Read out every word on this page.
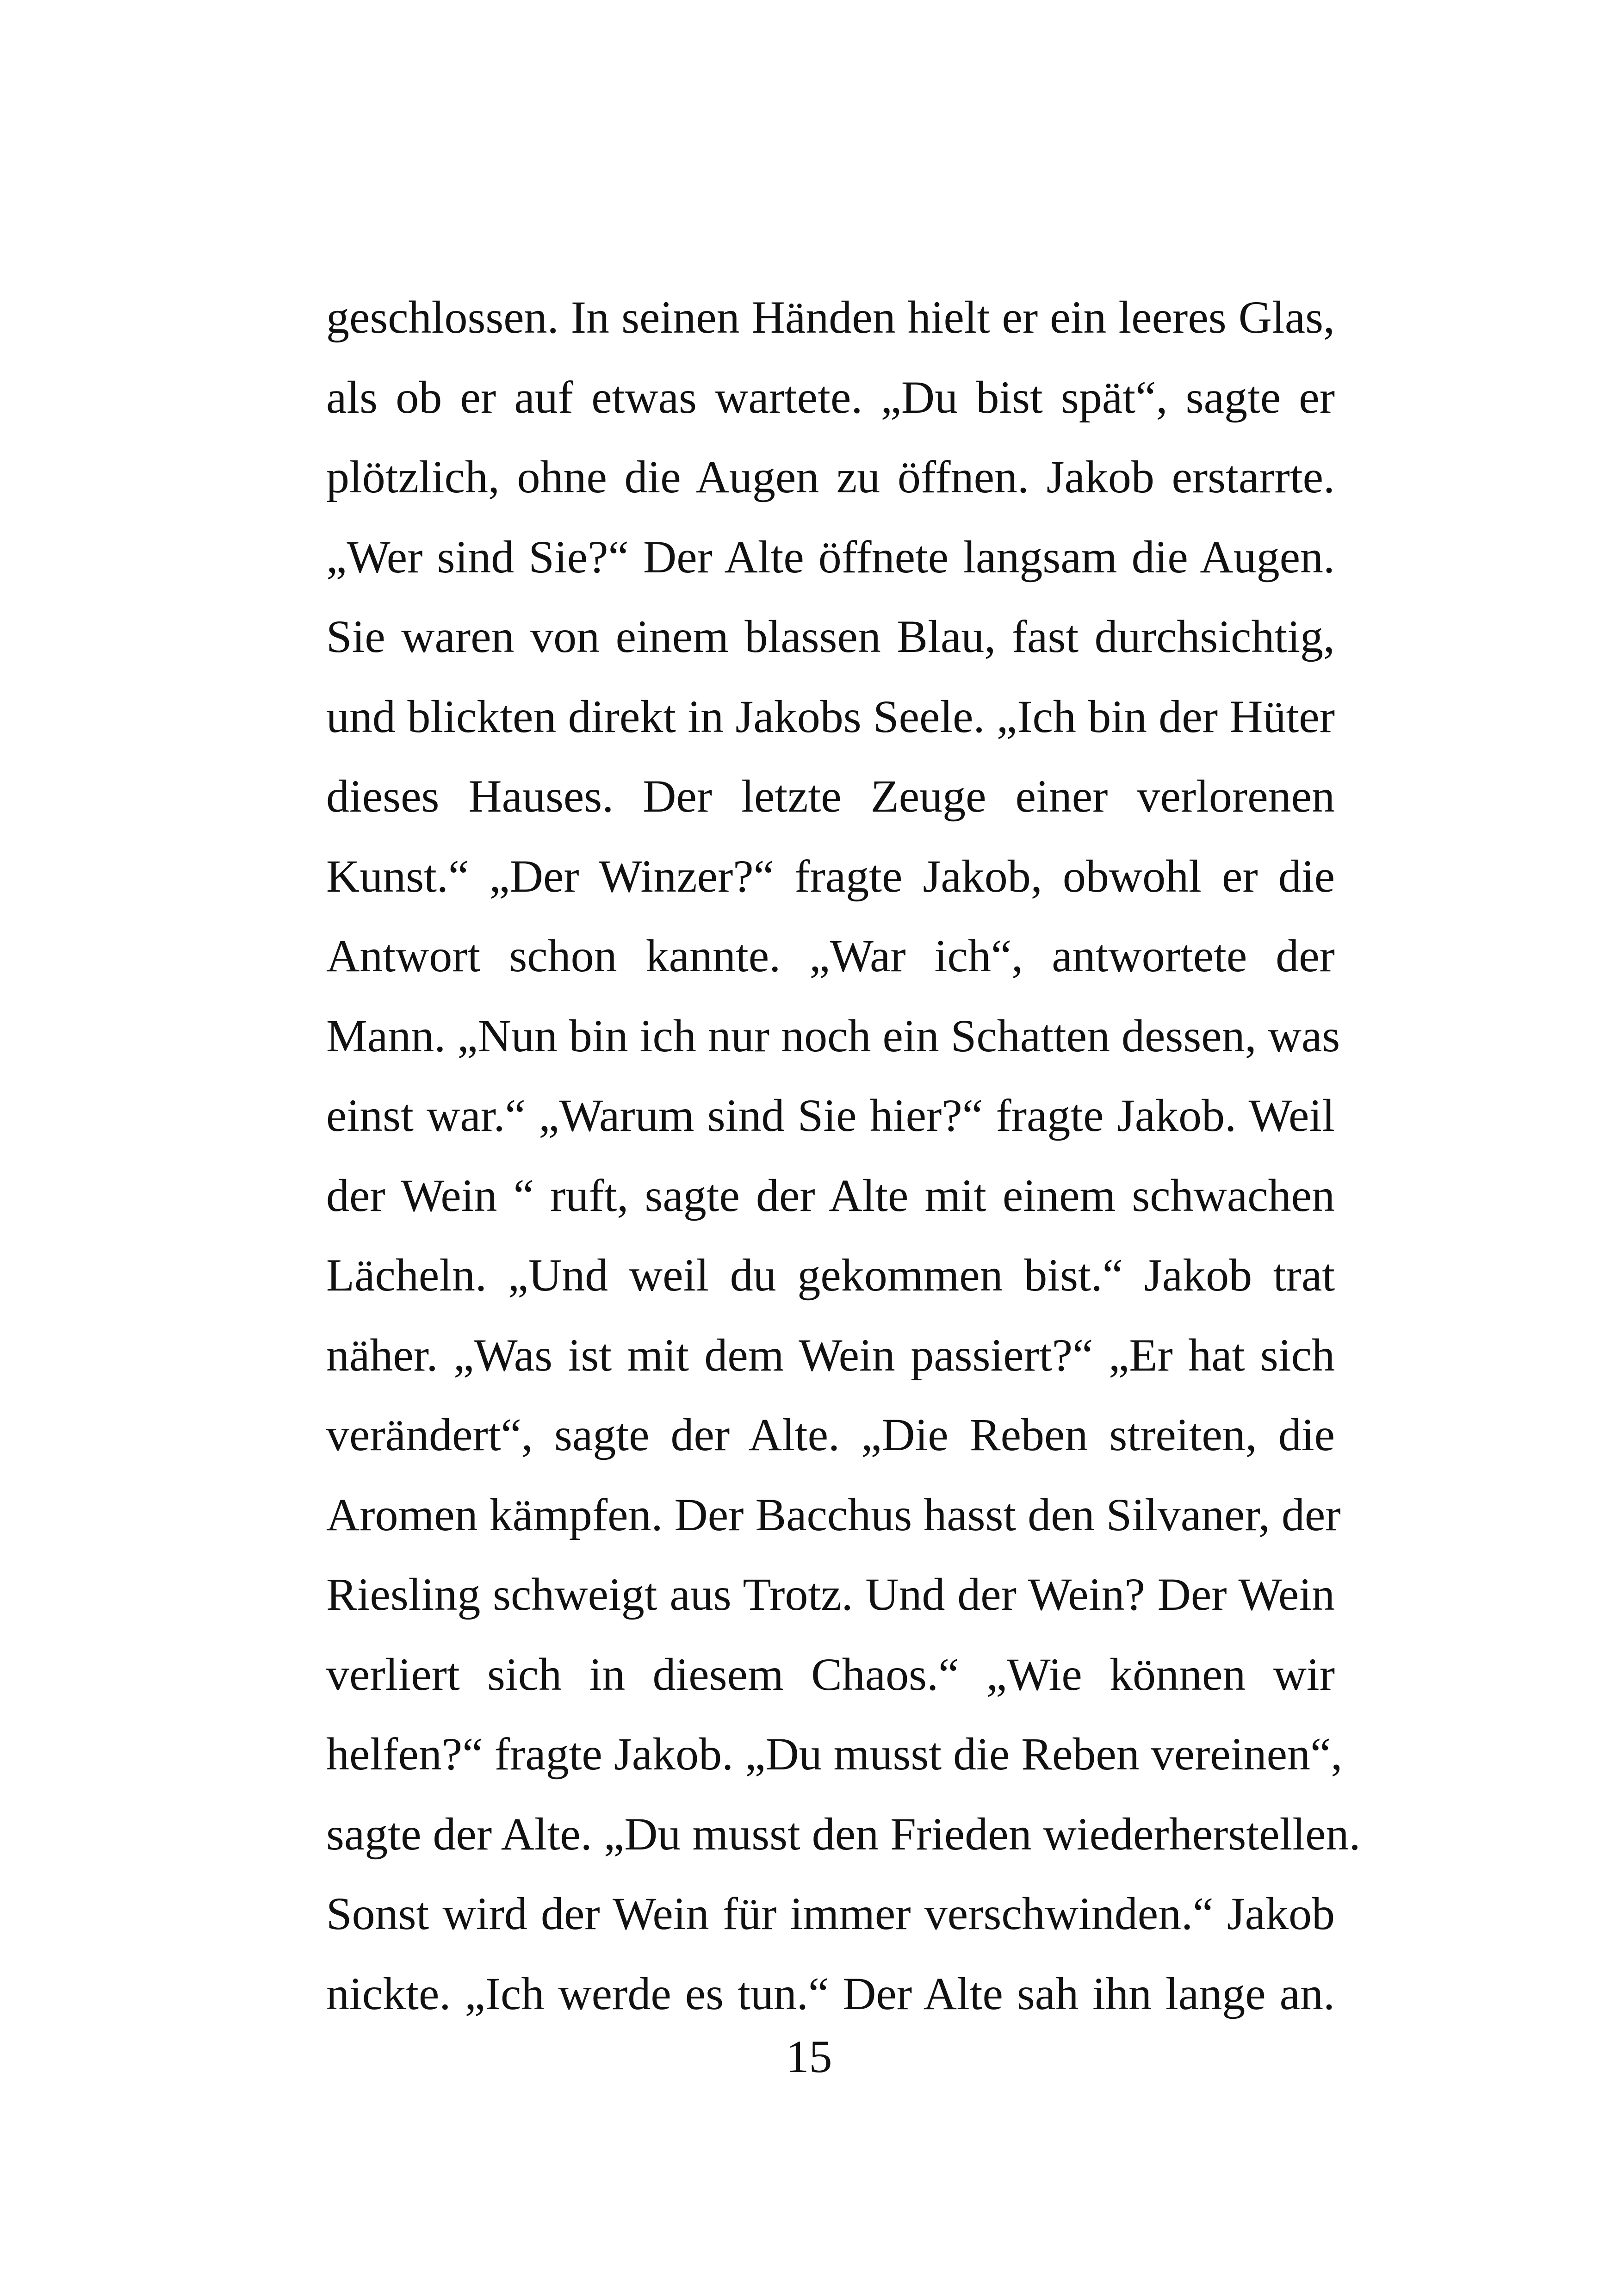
geschlossen. In seinen Händen hielt er ein leeres Glas,
als ob er auf etwas wartete. „Du bist spät“, sagte er
plötzlich, ohne die Augen zu öffnen. Jakob erstarrte.
„Wer sind Sie?“ Der Alte öffnete langsam die Augen.
Sie waren von einem blassen Blau, fast durchsichtig,
und blickten direkt in Jakobs Seele. „Ich bin der Hüter
dieses Hauses. Der letzte Zeuge einer verlorenen
Kunst.“ „Der Winzer?“ fragte Jakob, obwohl er die
Antwort schon kannte. „War ich“, antwortete der
Mann. „Nun bin ich nur noch ein Schatten dessen, was
einst war.“ „Warum sind Sie hier?“ fragte Jakob. Weil
der Wein “ ruft, sagte der Alte mit einem schwachen
Lächeln. „Und weil du gekommen bist.“ Jakob trat
näher. „Was ist mit dem Wein passiert?“ „Er hat sich
verändert“, sagte der Alte. „Die Reben streiten, die
Aromen kämpfen. Der Bacchus hasst den Silvaner, der
Riesling schweigt aus Trotz. Und der Wein? Der Wein
verliert sich in diesem Chaos.“ „Wie können wir
helfen?“ fragte Jakob. „Du musst die Reben vereinen“,
sagte der Alte. „Du musst den Frieden wiederherstellen.
Sonst wird der Wein für immer verschwinden.“ Jakob
nickte. „Ich werde es tun.“ Der Alte sah ihn lange an.
15
